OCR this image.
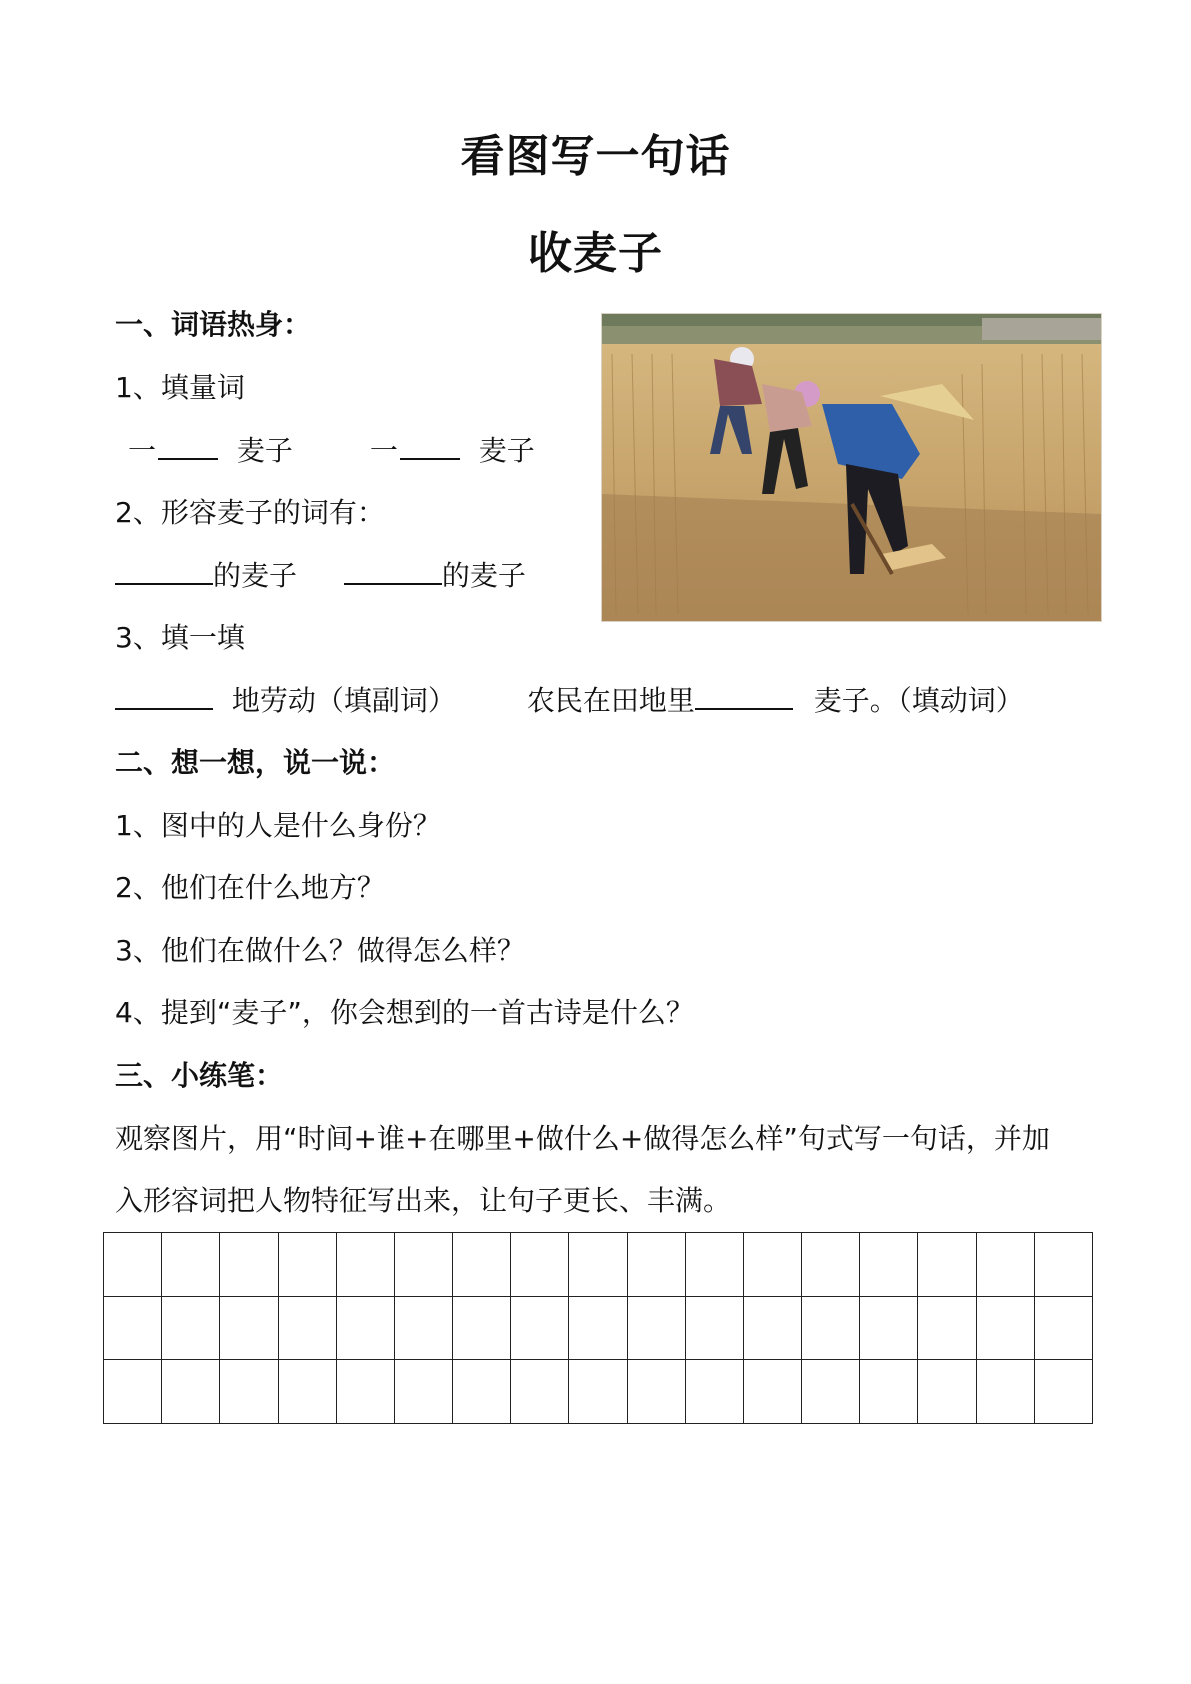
看图写一句话
收麦子
一、词语热身：
1、填量词
一	麦子	一	麦子
2、形容麦子的词有：
的麦子	的麦子
3、填一填
地劳动（填副词）	农民在田地里	麦子。（填动词）
二、想一想，说一说：
1、图中的人是什么身份？
2、他们在什么地方？
3、他们在做什么？做得怎么样？
4、提到“麦子”，你会想到的一首古诗是什么？
三、小练笔：
观察图片，用“时间+谁+在哪里+做什么+做得怎么样”句式写一句话，并加
入形容词把人物特征写出来，让句子更长、丰满。
